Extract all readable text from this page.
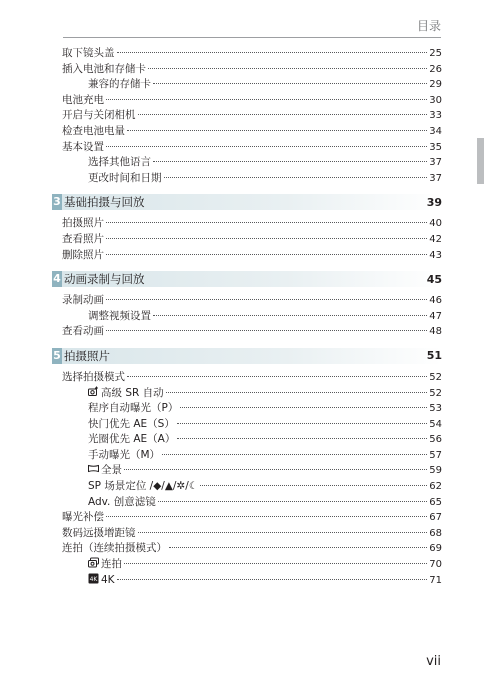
目录
取下镜头盖	25
插入电池和存储卡	26
兼容的存储卡	29
电池充电	30
开启与关闭相机	33
检查电池电量	34
基本设置	35
选择其他语言	37
更改时间和日期	37
3 基础拍摄与回放	39
拍摄照片	40
查看照片	42
删除照片	43
4 动画录制与回放	45
录制动画	46
调整视频设置	47
查看动画	48
5 拍摄照片	51
选择拍摄模式	52
高级 SR 自动	52
程序自动曝光（P）	53
快门优先 AE（S）	54
光圈优先 AE（A）	56
手动曝光（M）	57
全景	59
SP 场景定位 /◆/▲/✲/☾	62
Adv. 创意滤镜	65
曝光补偿	67
数码远摄增距镜	68
连拍（连续拍摄模式）	69
连拍	70
4K 4K	71
vii
